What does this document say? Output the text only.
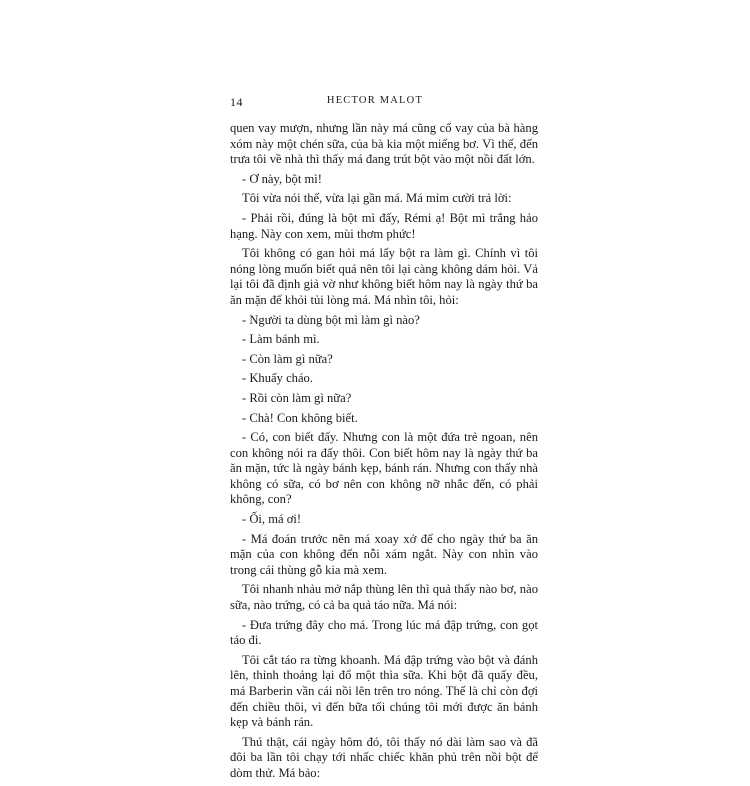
14	HECTOR MALOT

quen vay mượn, nhưng lần này má cũng cố vay của bà hàng xóm này một chén sữa, của bà kia một miếng bơ. Vì thế, đến trưa tôi về nhà thì thấy má đang trút bột vào một nồi đất lớn.

- Ơ này, bột mì!

Tôi vừa nói thế, vừa lại gần má. Má mỉm cười trả lời:

- Phải rồi, đúng là bột mì đấy, Rémi ạ! Bột mì trắng hảo hạng. Này con xem, mùi thơm phức!

Tôi không có gan hỏi má lấy bột ra làm gì. Chính vì tôi nóng lòng muốn biết quá nên tôi lại càng không dám hỏi. Vả lại tôi đã định giả vờ như không biết hôm nay là ngày thứ ba ăn mặn để khỏi tủi lòng má. Má nhìn tôi, hỏi:

- Người ta dùng bột mì làm gì nào?

- Làm bánh mì.

- Còn làm gì nữa?

- Khuấy cháo.

- Rồi còn làm gì nữa?

- Chà! Con không biết.

- Có, con biết đấy. Nhưng con là một đứa trẻ ngoan, nên con không nói ra đấy thôi. Con biết hôm nay là ngày thứ ba ăn mặn, tức là ngày bánh kẹp, bánh rán. Nhưng con thấy nhà không có sữa, có bơ nên con không nỡ nhắc đến, có phải không, con?

- Ối, má ơi!

- Má đoán trước nên má xoay xở để cho ngày thứ ba ăn mặn của con không đến nỗi xám ngắt. Này con nhìn vào trong cái thùng gỗ kia mà xem.

Tôi nhanh nhảu mở nắp thùng lên thì quả thấy nào bơ, nào sữa, nào trứng, có cả ba quả táo nữa. Má nói:

- Đưa trứng đây cho má. Trong lúc má đập trứng, con gọt táo đi.

Tôi cắt táo ra từng khoanh. Má đập trứng vào bột và đánh lên, thỉnh thoảng lại đổ một thìa sữa. Khi bột đã quấy đều, má Barberin vần cái nồi lên trên tro nóng. Thế là chỉ còn đợi đến chiều thôi, vì đến bữa tối chúng tôi mới được ăn bánh kẹp và bánh rán.

Thú thật, cái ngày hôm đó, tôi thấy nó dài làm sao và đã đôi ba lần tôi chạy tới nhấc chiếc khăn phủ trên nồi bột để dòm thử. Má bảo:
